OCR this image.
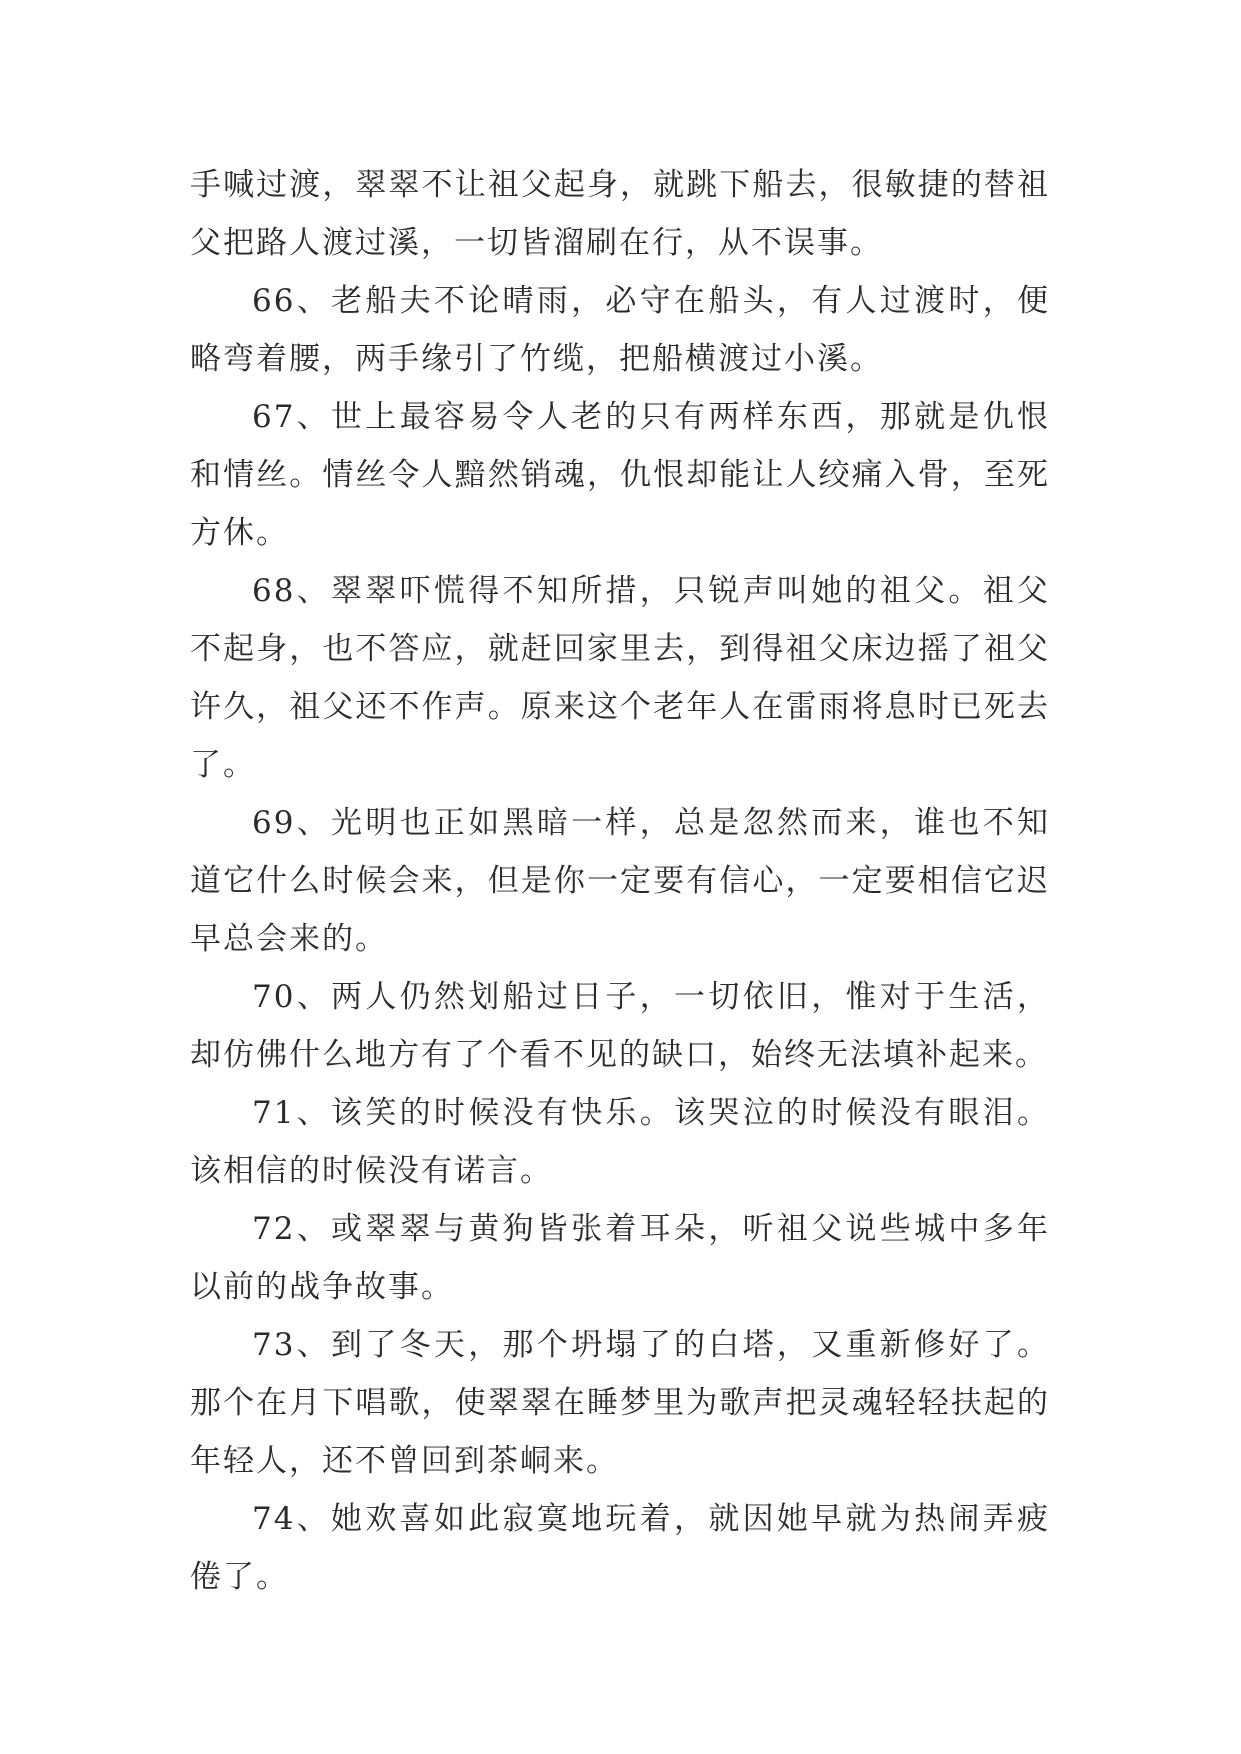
手喊过渡，翠翠不让祖父起身，就跳下船去，很敏捷的替祖父把路人渡过溪，一切皆溜刷在行，从不误事。

66、老船夫不论晴雨，必守在船头，有人过渡时，便略弯着腰，两手缘引了竹缆，把船横渡过小溪。

67、世上最容易令人老的只有两样东西，那就是仇恨和情丝。情丝令人黯然销魂，仇恨却能让人绞痛入骨，至死方休。

68、翠翠吓慌得不知所措，只锐声叫她的祖父。祖父不起身，也不答应，就赶回家里去，到得祖父床边摇了祖父许久，祖父还不作声。原来这个老年人在雷雨将息时已死去了。

69、光明也正如黑暗一样，总是忽然而来，谁也不知道它什么时候会来，但是你一定要有信心，一定要相信它迟早总会来的。

70、两人仍然划船过日子，一切依旧，惟对于生活，却仿佛什么地方有了个看不见的缺口，始终无法填补起来。

71、该笑的时候没有快乐。该哭泣的时候没有眼泪。该相信的时候没有诺言。

72、或翠翠与黄狗皆张着耳朵，听祖父说些城中多年以前的战争故事。

73、到了冬天，那个坍塌了的白塔，又重新修好了。那个在月下唱歌，使翠翠在睡梦里为歌声把灵魂轻轻扶起的年轻人，还不曾回到茶峒来。

74、她欢喜如此寂寞地玩着，就因她早就为热闹弄疲倦了。
